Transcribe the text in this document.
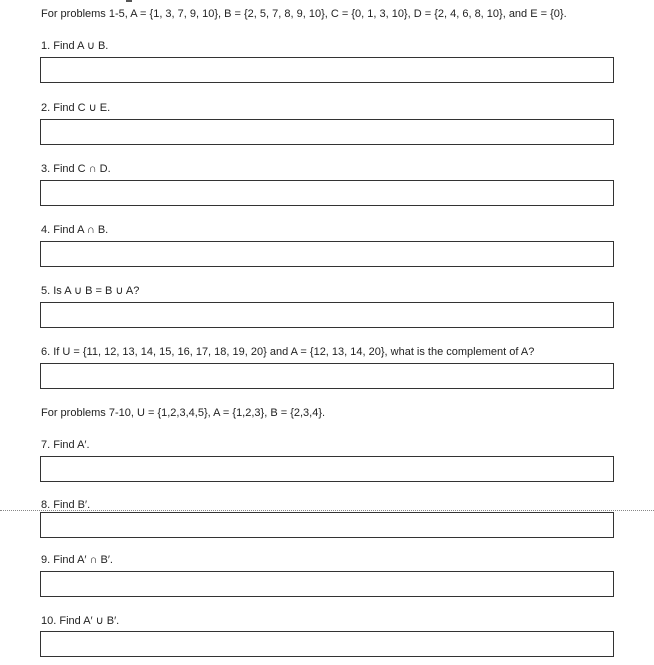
For problems 1-5, A = {1, 3, 7, 9, 10}, B = {2, 5, 7, 8, 9, 10}, C = {0, 1, 3, 10}, D = {2, 4, 6, 8, 10}, and E = {0}.
1. Find A ∪ B.
2. Find C ∪ E.
3. Find C ∩ D.
4. Find A ∩ B.
5. Is A ∪ B = B ∪ A?
6. If U = {11, 12, 13, 14, 15, 16, 17, 18, 19, 20} and A = {12, 13, 14, 20}, what is the complement of A?
For problems 7-10, U = {1,2,3,4,5}, A = {1,2,3}, B = {2,3,4}.
7. Find A′.
8. Find B′.
9. Find A′ ∩ B′.
10. Find A′ ∪ B′.
